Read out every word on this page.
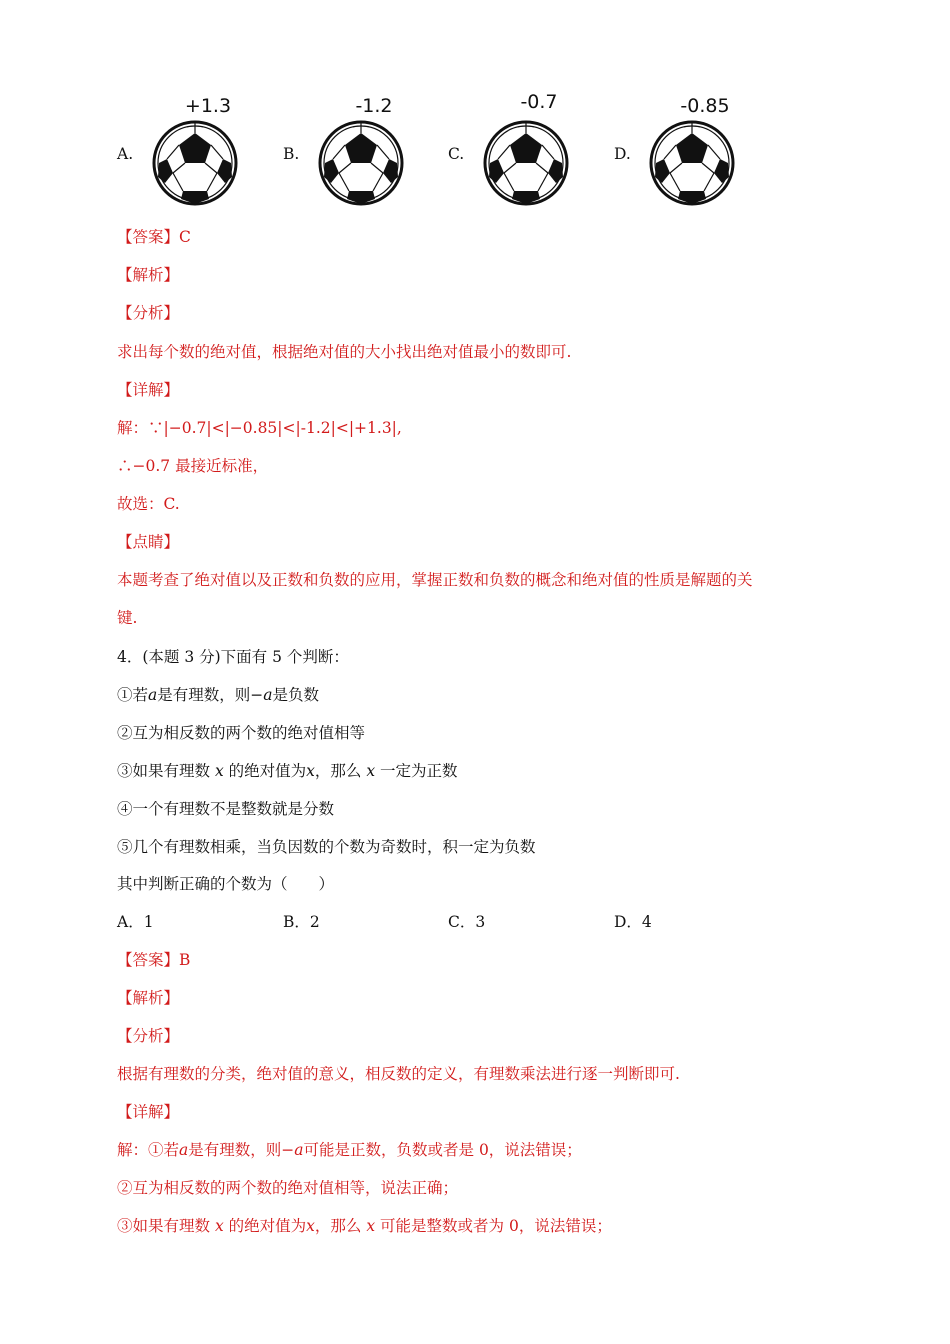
A.
+1.3
B.
-1.2
C.
-0.7
D.
-0.85
【答案】C
【解析】
【分析】
求出每个数的绝对值，根据绝对值的大小找出绝对值最小的数即可.
【详解】
解：∵|−0.7|<|−0.85|<|-1.2|<|+1.3|,
∴−0.7 最接近标准，
故选：C.
【点睛】
本题考查了绝对值以及正数和负数的应用，掌握正数和负数的概念和绝对值的性质是解题的关
键.
4．(本题 3 分)下面有 5 个判断：
①若a是有理数，则−a是负数
②互为相反数的两个数的绝对值相等
③如果有理数 x 的绝对值为x，那么 x 一定为正数
④一个有理数不是整数就是分数
⑤几个有理数相乘，当负因数的个数为奇数时，积一定为负数
其中判断正确的个数为（　　）
A．1	B．2	C．3	D．4
【答案】B
【解析】
【分析】
根据有理数的分类，绝对值的意义，相反数的定义，有理数乘法进行逐一判断即可.
【详解】
解：①若a是有理数，则−a可能是正数，负数或者是 0，说法错误；
②互为相反数的两个数的绝对值相等，说法正确；
③如果有理数 x 的绝对值为x，那么 x 可能是整数或者为 0，说法错误；
